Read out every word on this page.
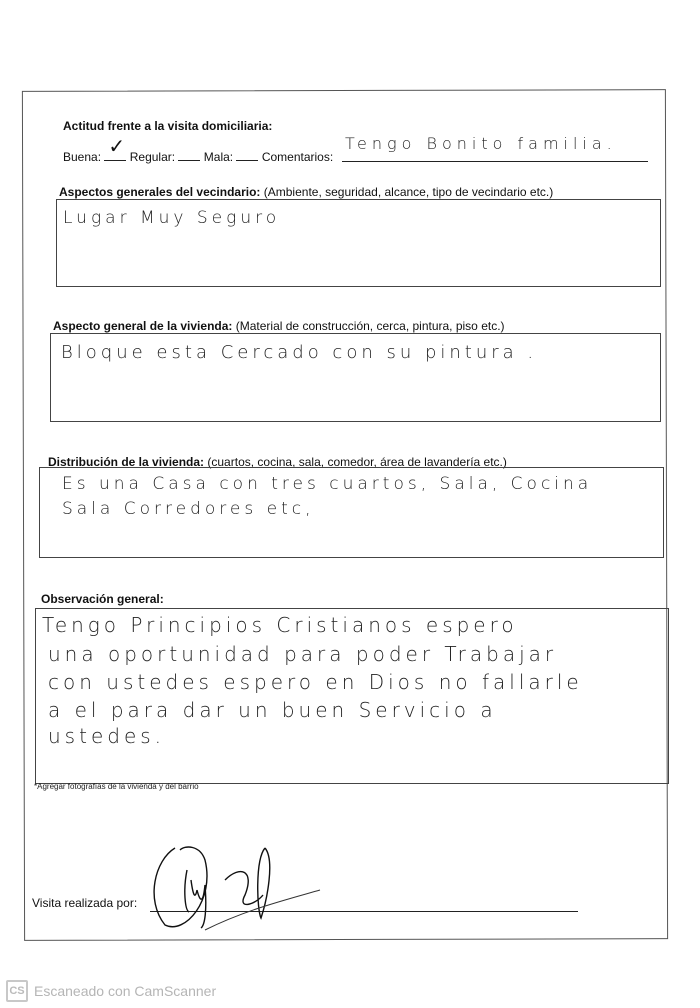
Actitud frente a la visita domiciliaria:
Buena: ✓ Regular: Mala: Comentarios:
Tengo Bonito familia.
Aspectos generales del vecindario: (Ambiente, seguridad, alcance, tipo de vecindario etc.)
Lugar Muy Seguro
Aspecto general de la vivienda: (Material de construcción, cerca, pintura, piso etc.)
Bloque esta Cercado con su pintura .
Distribución de la vivienda: (cuartos, cocina, sala, comedor, área de lavandería etc.)
Es una Casa con tres cuartos, Sala, Cocina
Sala Corredores etc,
Observación general:
Tengo Principios Cristianos espero
una oportunidad para poder Trabajar
con ustedes espero en Dios no fallarle
a el para dar un buen Servicio a
ustedes.
*Agregar fotografías de la vivienda y del barrio
Visita realizada por:
CS Escaneado con CamScanner
